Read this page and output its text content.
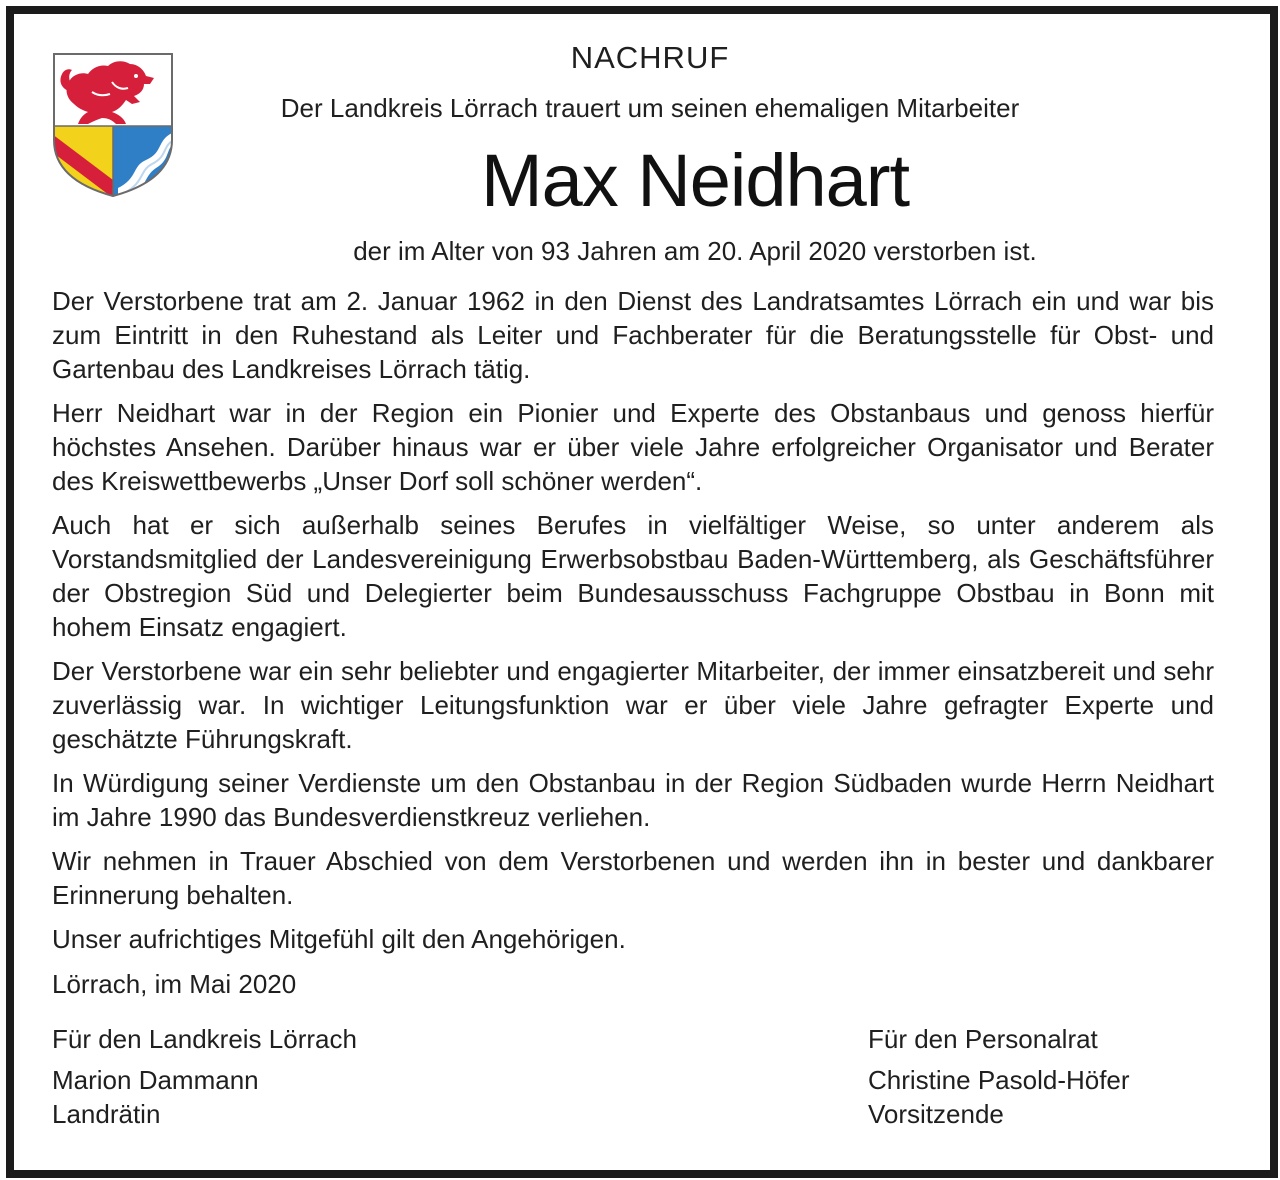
NACHRUF
Der Landkreis Lörrach trauert um seinen ehemaligen Mitarbeiter
Max Neidhart
der im Alter von 93 Jahren am 20. April 2020 verstorben ist.

Der Verstorbene trat am 2. Januar 1962 in den Dienst des Landratsamtes Lörrach ein und war bis zum Eintritt in den Ruhestand als Leiter und Fachberater für die Beratungsstelle für Obst- und Gartenbau des Landkreises Lörrach tätig.

Herr Neidhart war in der Region ein Pionier und Experte des Obstanbaus und genoss hierfür höchstes Ansehen. Darüber hinaus war er über viele Jahre erfolgreicher Organisator und Berater des Kreiswettbewerbs „Unser Dorf soll schöner werden“.

Auch hat er sich außerhalb seines Berufes in vielfältiger Weise, so unter anderem als Vorstandsmitglied der Landesvereinigung Erwerbsobstbau Baden-Württemberg, als Geschäftsführer der Obstregion Süd und Delegierter beim Bundesausschuss Fachgruppe Obstbau in Bonn mit hohem Einsatz engagiert.

Der Verstorbene war ein sehr beliebter und engagierter Mitarbeiter, der immer einsatzbereit und sehr zuverlässig war. In wichtiger Leitungsfunktion war er über viele Jahre gefragter Experte und geschätzte Führungskraft.

In Würdigung seiner Verdienste um den Obstanbau in der Region Südbaden wurde Herrn Neidhart im Jahre 1990 das Bundesverdienstkreuz verliehen.

Wir nehmen in Trauer Abschied von dem Verstorbenen und werden ihn in bester und dankbarer Erinnerung behalten.

Unser aufrichtiges Mitgefühl gilt den Angehörigen.
Lörrach, im Mai 2020
Für den Landkreis Lörrach
Marion Dammann
Landrätin
Für den Personalrat
Christine Pasold-Höfer
Vorsitzende
